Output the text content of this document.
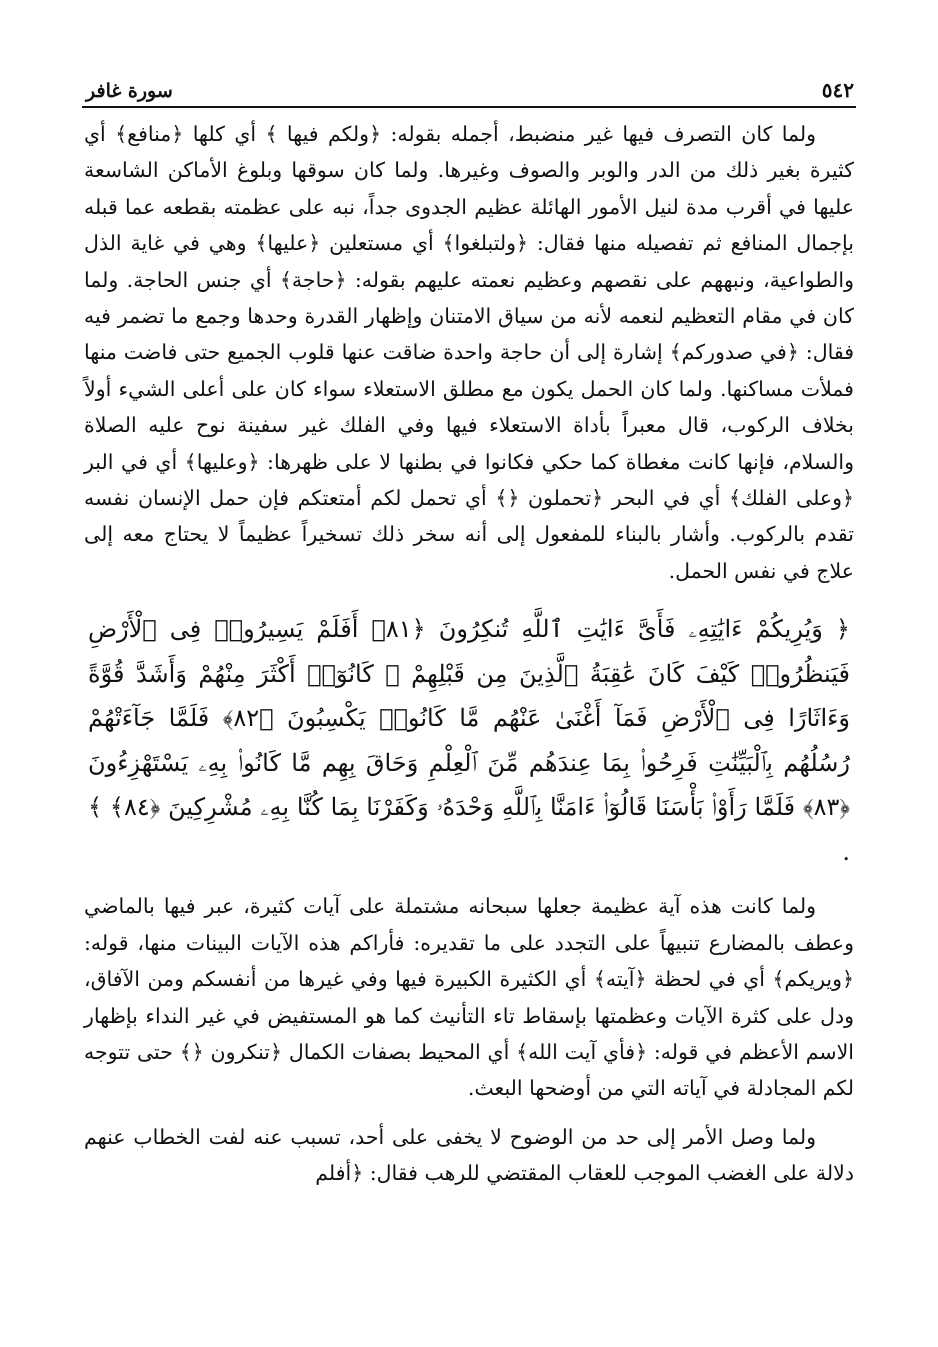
سورة غافر	٥٤٢

ولما كان التصرف فيها غير منضبط، أجمله بقوله: ﴿ولكم فيها ﴾ أي كلها ﴿منافع﴾ أي كثيرة بغير ذلك من الدر والوبر والصوف وغيرها. ولما كان سوقها وبلوغ الأماكن الشاسعة عليها في أقرب مدة لنيل الأمور الهائلة عظيم الجدوى جداً، نبه على عظمته بقطعه عما قبله بإجمال المنافع ثم تفصيله منها فقال: ﴿ولتبلغوا﴾ أي مستعلين ﴿عليها﴾ وهي في غاية الذل والطواعية، ونبههم على نقصهم وعظيم نعمته عليهم بقوله: ﴿حاجة﴾ أي جنس الحاجة. ولما كان في مقام التعظيم لنعمه لأنه من سياق الامتنان وإظهار القدرة وحدها وجمع ما تضمر فيه فقال: ﴿في صدوركم﴾ إشارة إلى أن حاجة واحدة ضاقت عنها قلوب الجميع حتى فاضت منها فملأت مساكنها. ولما كان الحمل يكون مع مطلق الاستعلاء سواء كان على أعلى الشيء أولاً بخلاف الركوب، قال معبراً بأداة الاستعلاء فيها وفي الفلك غير سفينة نوح عليه الصلاة والسلام، فإنها كانت مغطاة كما حكي فكانوا في بطنها لا على ظهرها: ﴿وعليها﴾ أي في البر ﴿وعلى الفلك﴾ أي في البحر ﴿تحملون ﴿﴾ أي تحمل لكم أمتعتكم فإن حمل الإنسان نفسه تقدم بالركوب. وأشار بالبناء للمفعول إلى أنه سخر ذلك تسخيراً عظيماً لا يحتاج معه إلى علاج في نفس الحمل.

﴿ وَيُرِيكُمْ ءَايَٰتِهِۦ فَأَىَّ ءَايَٰتِ ٱللَّهِ تُنكِرُونَ ﴿٨١﴾ أَفَلَمْ يَسِيرُوا۟ فِى ٱلْأَرْضِ فَيَنظُرُوا۟ كَيْفَ كَانَ عَٰقِبَةُ ٱلَّذِينَ مِن قَبْلِهِمْ ۚ كَانُوٓا۟ أَكْثَرَ مِنْهُمْ وَأَشَدَّ قُوَّةً وَءَاثَارًا فِى ٱلْأَرْضِ فَمَآ أَغْنَىٰ عَنْهُم مَّا كَانُوا۟ يَكْسِبُونَ ﴿٨٢﴾ فَلَمَّا جَآءَتْهُمْ رُسُلُهُم بِٱلْبَيِّنَٰتِ فَرِحُوا۟ بِمَا عِندَهُم مِّنَ ٱلْعِلْمِ وَحَاقَ بِهِم مَّا كَانُوا۟ بِهِۦ يَسْتَهْزِءُونَ ﴿٨٣﴾ فَلَمَّا رَأَوْا۟ بَأْسَنَا قَالُوٓا۟ ءَامَنَّا بِٱللَّهِ وَحْدَهُۥ وَكَفَرْنَا بِمَا كُنَّا بِهِۦ مُشْرِكِينَ ﴿٨٤﴾ ﴾ .

ولما كانت هذه آية عظيمة جعلها سبحانه مشتملة على آيات كثيرة، عبر فيها بالماضي وعطف بالمضارع تنبيهاً على التجدد على ما تقديره: فأراكم هذه الآيات البينات منها، قوله: ﴿ويريكم﴾ أي في لحظة ﴿آيته﴾ أي الكثيرة الكبيرة فيها وفي غيرها من أنفسكم ومن الآفاق، ودل على كثرة الآيات وعظمتها بإسقاط تاء التأنيث كما هو المستفيض في غير النداء بإظهار الاسم الأعظم في قوله: ﴿فأي آيت الله﴾ أي المحيط بصفات الكمال ﴿تنكرون ﴿﴾ حتى تتوجه لكم المجادلة في آياته التي من أوضحها البعث.

ولما وصل الأمر إلى حد من الوضوح لا يخفى على أحد، تسبب عنه لفت الخطاب عنهم دلالة على الغضب الموجب للعقاب المقتضي للرهب فقال: ﴿أفلم
